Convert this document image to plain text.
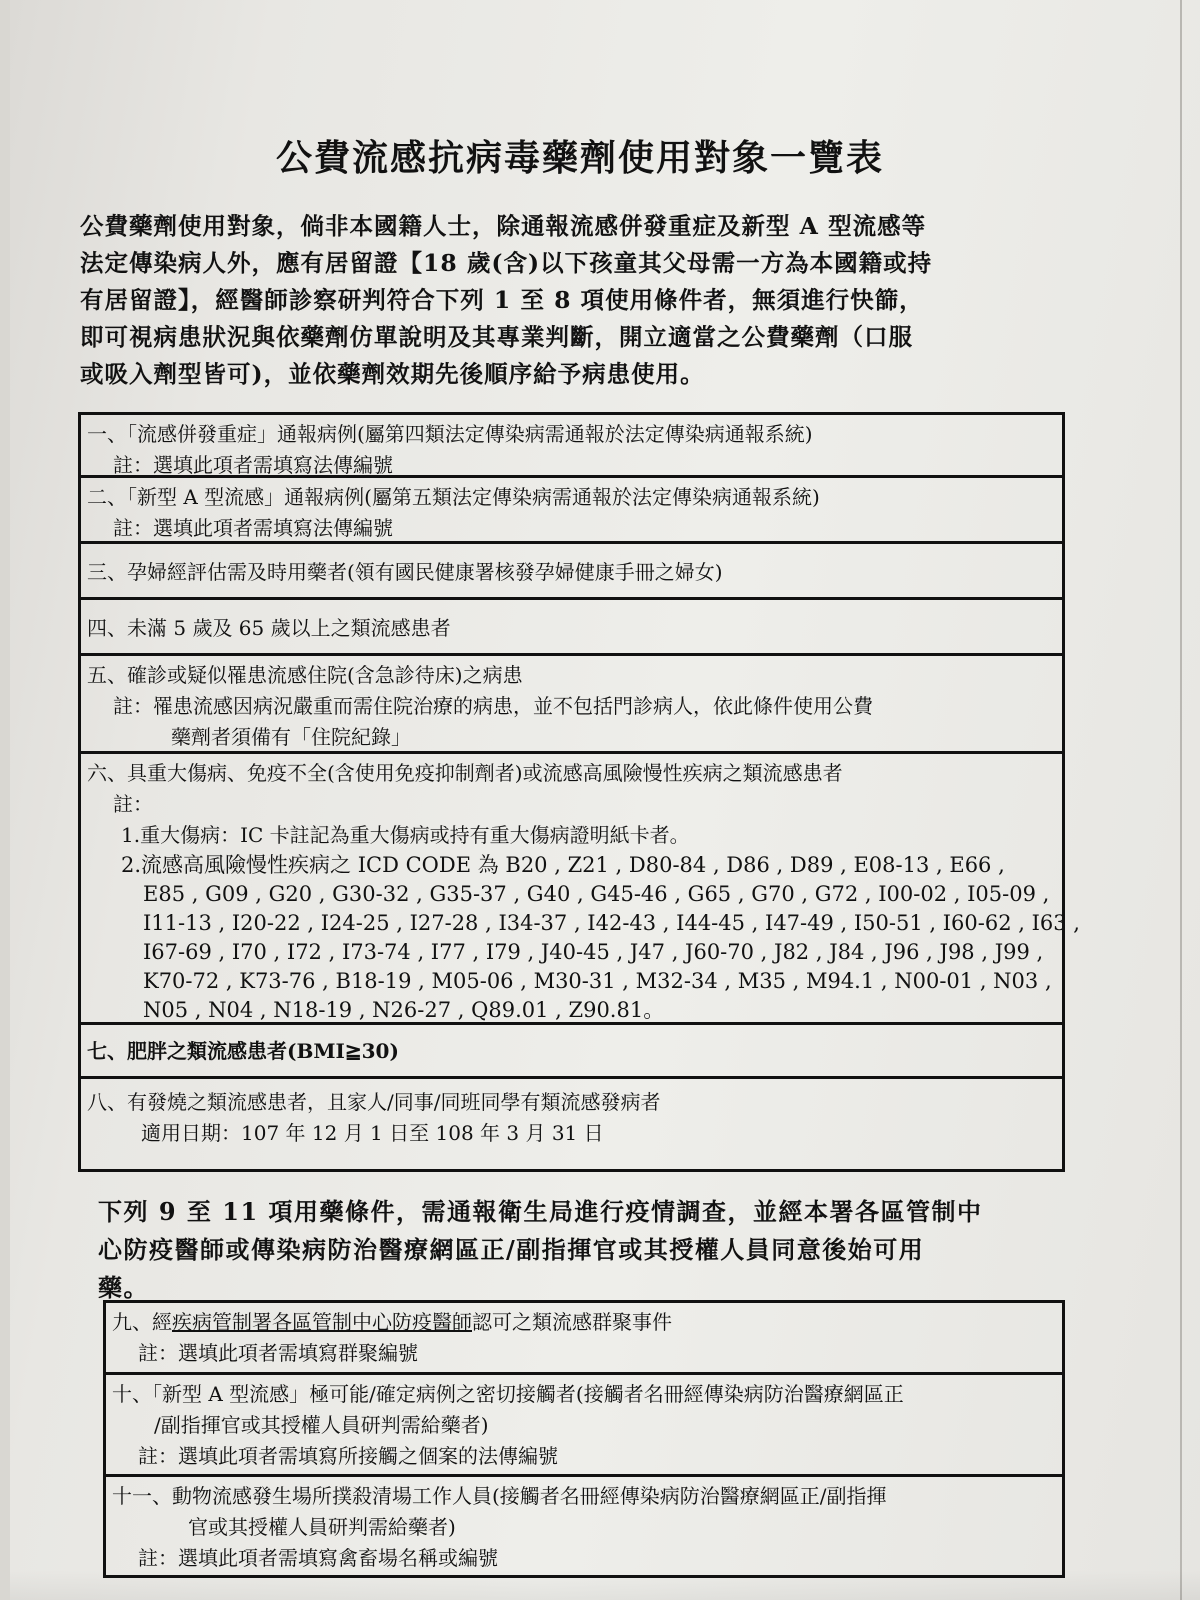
公費流感抗病毒藥劑使用對象一覽表
公費藥劑使用對象，倘非本國籍人士，除通報流感併發重症及新型 A 型流感等
法定傳染病人外，應有居留證【18 歲(含)以下孩童其父母需一方為本國籍或持
有居留證】，經醫師診察研判符合下列 1 至 8 項使用條件者，無須進行快篩，
即可視病患狀況與依藥劑仿單說明及其專業判斷，開立適當之公費藥劑（口服
或吸入劑型皆可)，並依藥劑效期先後順序給予病患使用。
一、「流感併發重症」通報病例(屬第四類法定傳染病需通報於法定傳染病通報系統)
註：選填此項者需填寫法傳編號
二、「新型 A 型流感」通報病例(屬第五類法定傳染病需通報於法定傳染病通報系統)
註：選填此項者需填寫法傳編號
三、孕婦經評估需及時用藥者(領有國民健康署核發孕婦健康手冊之婦女)
四、未滿 5 歲及 65 歲以上之類流感患者
五、確診或疑似罹患流感住院(含急診待床)之病患
註：罹患流感因病況嚴重而需住院治療的病患，並不包括門診病人，依此條件使用公費
藥劑者須備有「住院紀錄」
六、具重大傷病、免疫不全(含使用免疫抑制劑者)或流感高風險慢性疾病之類流感患者
註：
1.重大傷病：IC 卡註記為重大傷病或持有重大傷病證明紙卡者。
2.流感高風險慢性疾病之 ICD CODE 為 B20 , Z21 , D80-84 , D86 , D89 , E08-13 , E66 ,
E85 , G09 , G20 , G30-32 , G35-37 , G40 , G45-46 , G65 , G70 , G72 , I00-02 , I05-09 ,
I11-13 , I20-22 , I24-25 , I27-28 , I34-37 , I42-43 , I44-45 , I47-49 , I50-51 , I60-62 , I63 ,
I67-69 , I70 , I72 , I73-74 , I77 , I79 , J40-45 , J47 , J60-70 , J82 , J84 , J96 , J98 , J99 ,
K70-72 , K73-76 , B18-19 , M05-06 , M30-31 , M32-34 , M35 , M94.1 , N00-01 , N03 ,
N05 , N04 , N18-19 , N26-27 , Q89.01 , Z90.81。
七、肥胖之類流感患者(BMI≧30)
八、有發燒之類流感患者，且家人/同事/同班同學有類流感發病者
適用日期：107 年 12 月 1 日至 108 年 3 月 31 日
下列 9 至 11 項用藥條件，需通報衛生局進行疫情調查，並經本署各區管制中
心防疫醫師或傳染病防治醫療網區正/副指揮官或其授權人員同意後始可用
藥。
九、經疾病管制署各區管制中心防疫醫師認可之類流感群聚事件
註：選填此項者需填寫群聚編號
十、「新型 A 型流感」極可能/確定病例之密切接觸者(接觸者名冊經傳染病防治醫療網區正
/副指揮官或其授權人員研判需給藥者)
註：選填此項者需填寫所接觸之個案的法傳編號
十一、動物流感發生場所撲殺清場工作人員(接觸者名冊經傳染病防治醫療網區正/副指揮
官或其授權人員研判需給藥者)
註：選填此項者需填寫禽畜場名稱或編號
